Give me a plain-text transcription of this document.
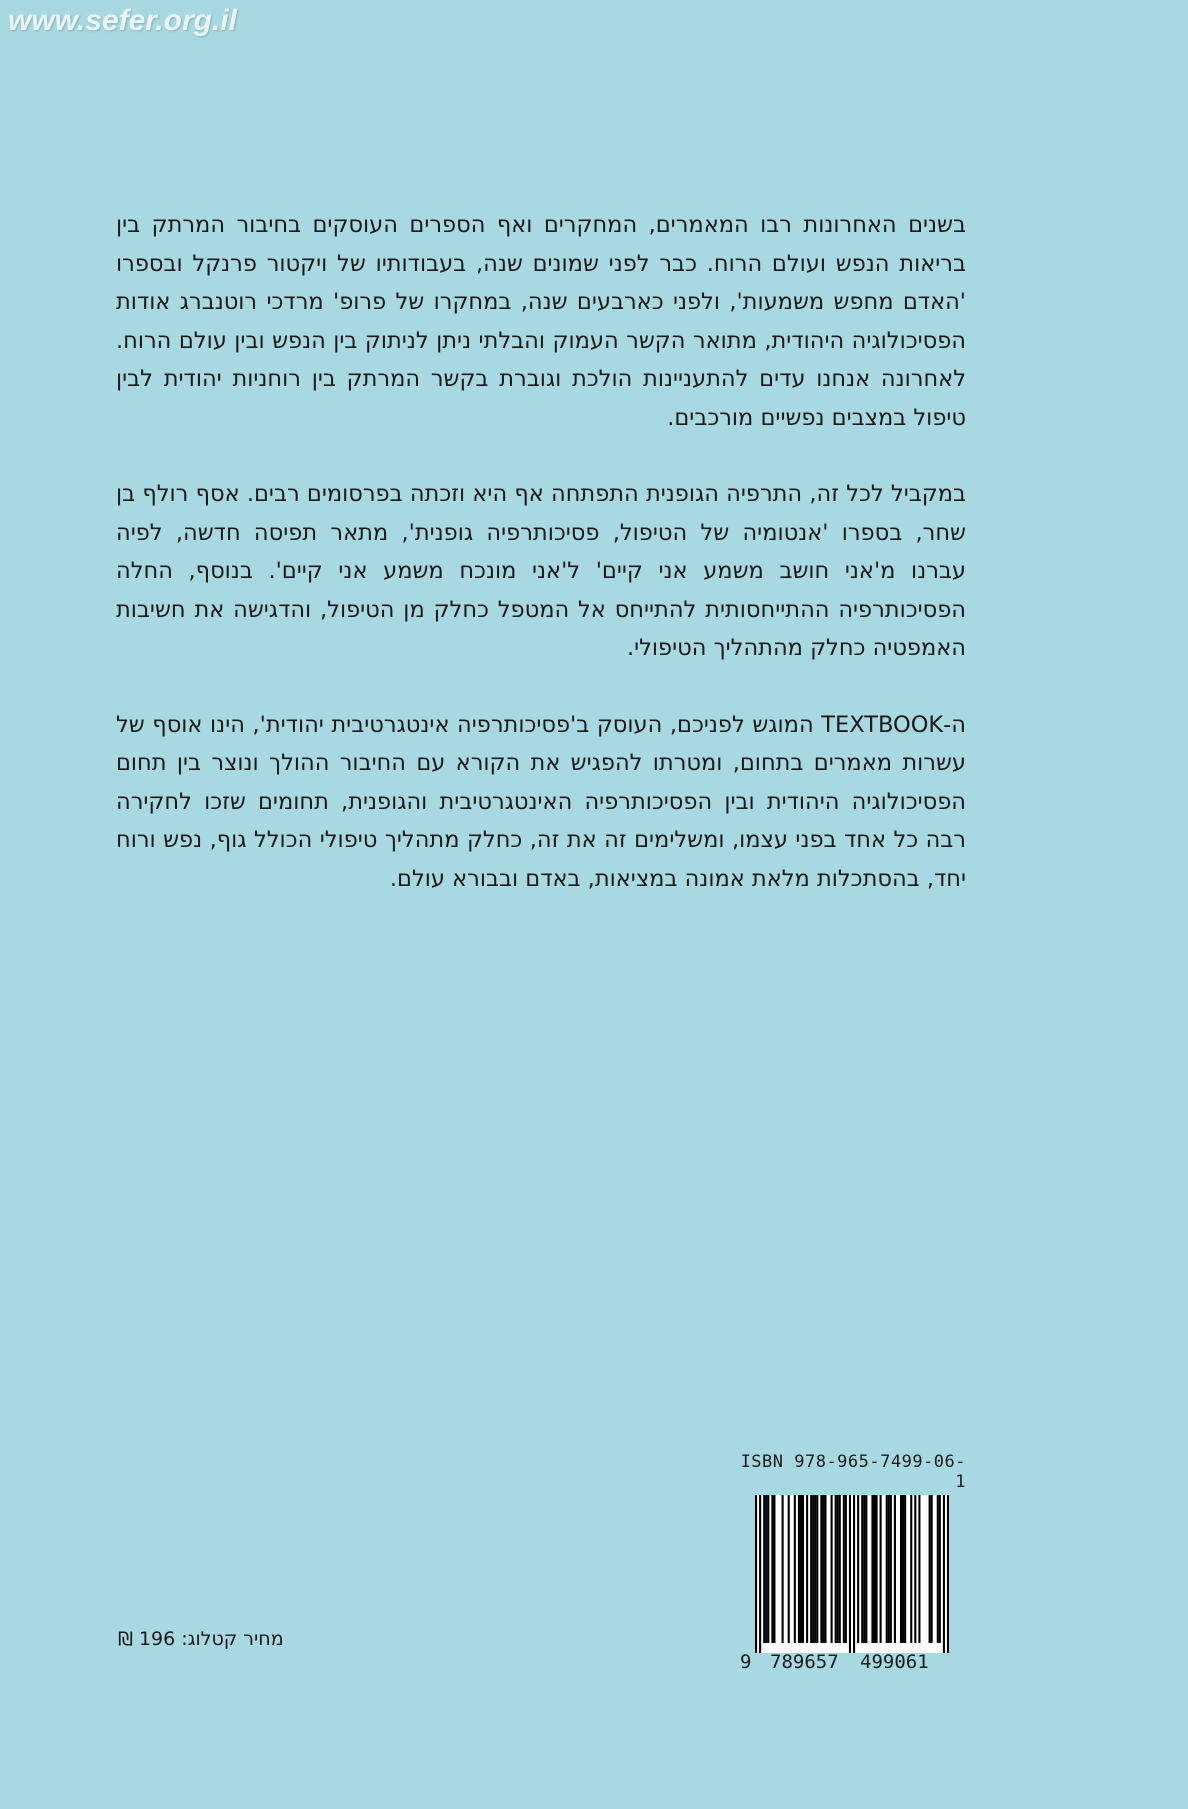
www.sefer.org.il

בשנים האחרונות רבו המאמרים, המחקרים ואף הספרים העוסקים בחיבור המרתק בין בריאות הנפש ועולם הרוח. כבר לפני שמונים שנה, בעבודותיו של ויקטור פרנקל ובספרו 'האדם מחפש משמעות', ולפני כארבעים שנה, במחקרו של פרופ' מרדכי רוטנברג אודות הפסיכולוגיה היהודית, מתואר הקשר העמוק והבלתי ניתן לניתוק בין הנפש ובין עולם הרוח. לאחרונה אנחנו עדים להתעניינות הולכת וגוברת בקשר המרתק בין רוחניות יהודית לבין טיפול במצבים נפשיים מורכבים.

במקביל לכל זה, התרפיה הגופנית התפתחה אף היא וזכתה בפרסומים רבים. אסף רולף בן שחר, בספרו 'אנטומיה של הטיפול, פסיכותרפיה גופנית', מתאר תפיסה חדשה, לפיה עברנו מ'אני חושב משמע אני קיים' ל'אני מונכח משמע אני קיים'. בנוסף, החלה הפסיכותרפיה ההתייחסותית להתייחס אל המטפל כחלק מן הטיפול, והדגישה את חשיבות האמפטיה כחלק מהתהליך הטיפולי.

ה-TEXTBOOK המוגש לפניכם, העוסק ב'פסיכותרפיה אינטגרטיבית יהודית', הינו אוסף של עשרות מאמרים בתחום, ומטרתו להפגיש את הקורא עם החיבור ההולך ונוצר בין תחום הפסיכולוגיה היהודית ובין הפסיכותרפיה האינטגרטיבית והגופנית, תחומים שזכו לחקירה רבה כל אחד בפני עצמו, ומשלימים זה את זה, כחלק מתהליך טיפולי הכולל גוף, נפש ורוח יחד, בהסתכלות מלאת אמונה במציאות, באדם ובבורא עולם.

ISBN 978-965-7499-06-1
9 789657 499061
מחיר קטלוג: 196 ₪
